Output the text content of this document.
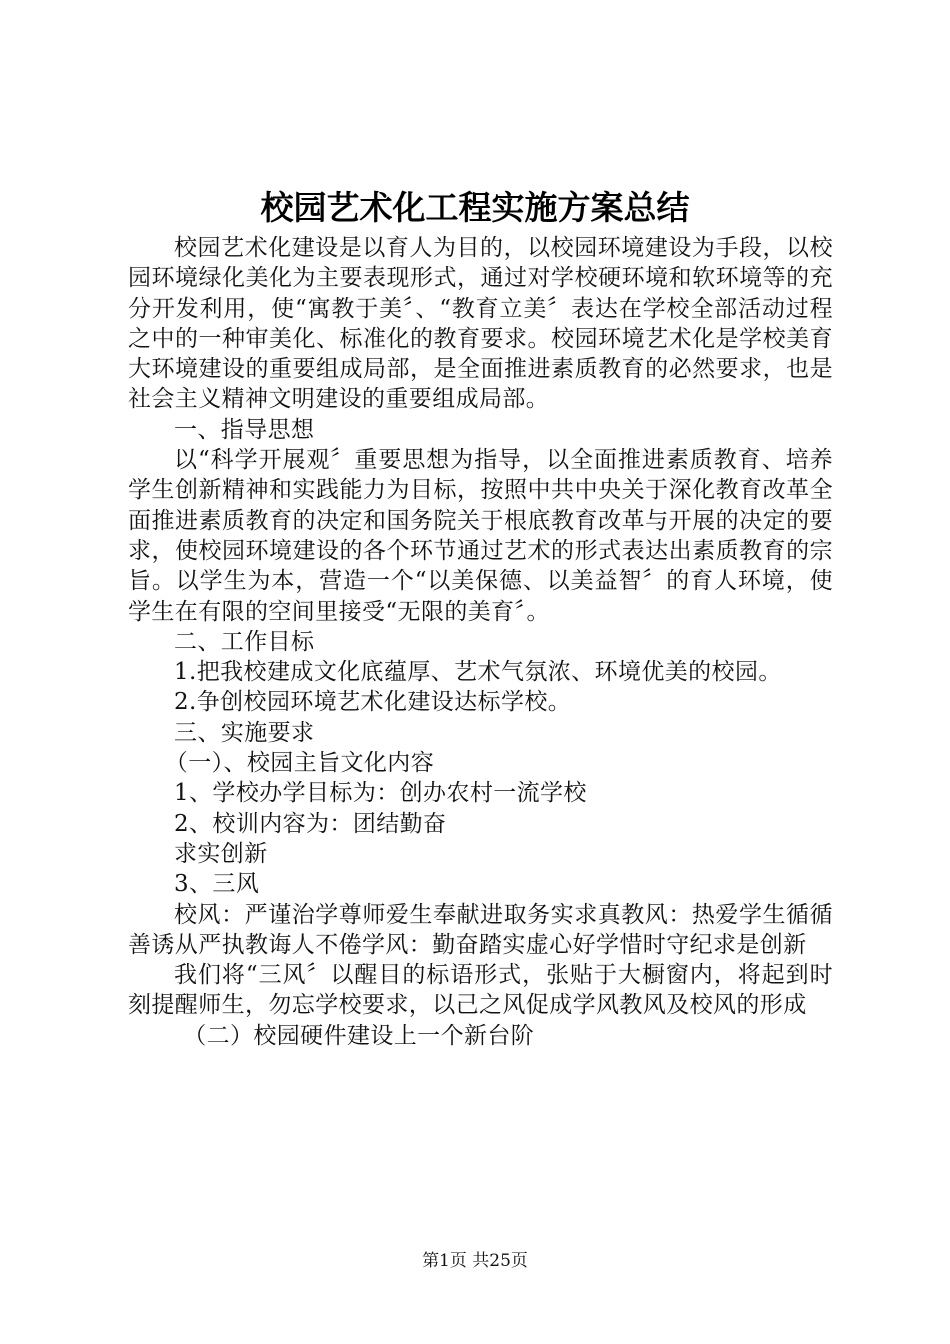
校园艺术化工程实施方案总结

校园艺术化建设是以育人为目的，以校园环境建设为手段，以校园环境绿化美化为主要表现形式，通过对学校硬环境和软环境等的充分开发利用，使“寓教于美〞、“教育立美〞表达在学校全部活动过程之中的一种审美化、标准化的教育要求。校园环境艺术化是学校美育大环境建设的重要组成局部，是全面推进素质教育的必然要求，也是社会主义精神文明建设的重要组成局部。

一、指导思想

以“科学开展观〞重要思想为指导，以全面推进素质教育、培养学生创新精神和实践能力为目标，按照中共中央关于深化教育改革全面推进素质教育的决定和国务院关于根底教育改革与开展的决定的要求，使校园环境建设的各个环节通过艺术的形式表达出素质教育的宗旨。以学生为本，营造一个“以美保德、以美益智〞的育人环境，使学生在有限的空间里接受“无限的美育〞。

二、工作目标

1.把我校建成文化底蕴厚、艺术气氛浓、环境优美的校园。

2.争创校园环境艺术化建设达标学校。

三、实施要求

（一）、校园主旨文化内容

1、学校办学目标为：创办农村一流学校

2、校训内容为：团结勤奋

求实创新

3、三风

校风：严谨治学尊师爱生奉献进取务实求真教风：热爱学生循循善诱从严执教诲人不倦学风：勤奋踏实虚心好学惜时守纪求是创新

我们将“三风〞以醒目的标语形式，张贴于大橱窗内，将起到时刻提醒师生，勿忘学校要求，以己之风促成学风教风及校风的形成

（二）校园硬件建设上一个新台阶

第1页 共25页
